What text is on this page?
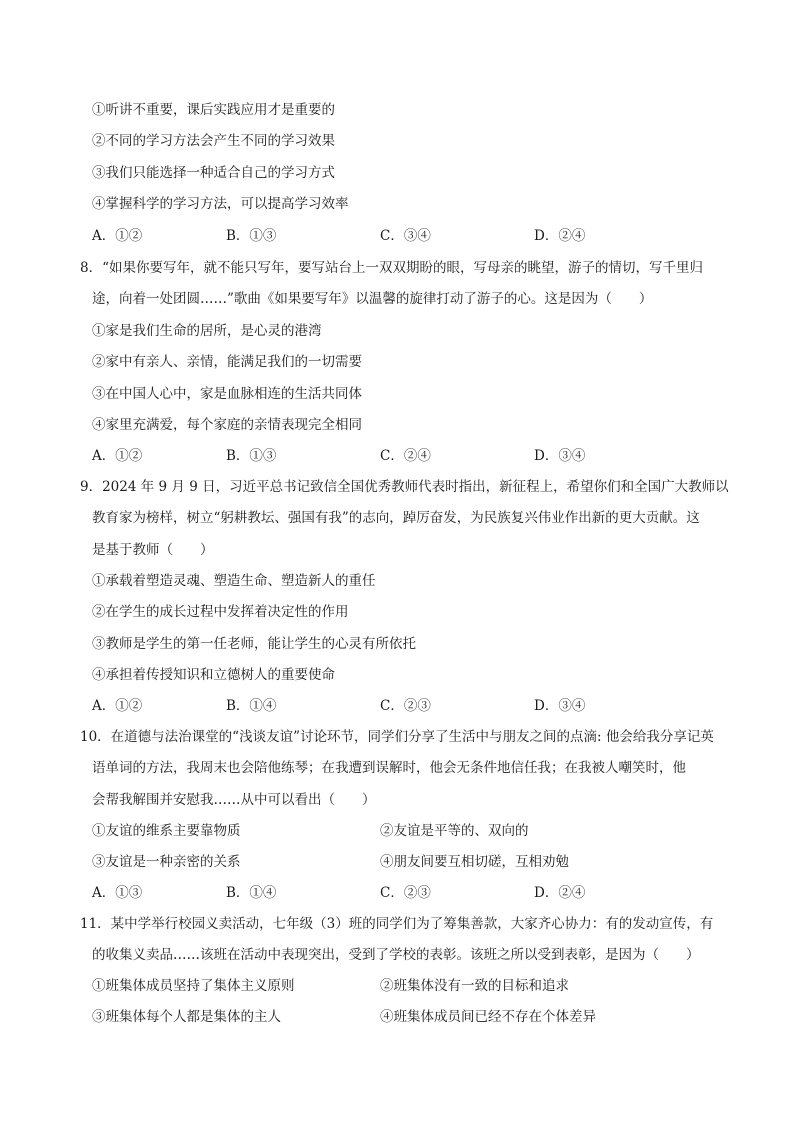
①听讲不重要，课后实践应用才是重要的
②不同的学习方法会产生不同的学习效果
③我们只能选择一种适合自己的学习方式
④掌握科学的学习方法，可以提高学习效率
A．①②	B．①③	C．③④	D．②④
8．“如果你要写年，就不能只写年，要写站台上一双双期盼的眼，写母亲的眺望，游子的情切，写千里归
途，向着一处团圆……”歌曲《如果要写年》以温馨的旋律打动了游子的心。这是因为（　　）
①家是我们生命的居所，是心灵的港湾
②家中有亲人、亲情，能满足我们的一切需要
③在中国人心中，家是血脉相连的生活共同体
④家里充满爱，每个家庭的亲情表现完全相同
A．①②	B．①③	C．②④	D．③④
9．2024 年 9 月 9 日，习近平总书记致信全国优秀教师代表时指出，新征程上，希望你们和全国广大教师以
教育家为榜样，树立“躬耕教坛、强国有我”的志向，踔厉奋发，为民族复兴伟业作出新的更大贡献。这
是基于教师（　　）
①承载着塑造灵魂、塑造生命、塑造新人的重任
②在学生的成长过程中发挥着决定性的作用
③教师是学生的第一任老师，能让学生的心灵有所依托
④承担着传授知识和立德树人的重要使命
A．①②	B．①④	C．②③	D．③④
10．在道德与法治课堂的“浅谈友谊”讨论环节，同学们分享了生活中与朋友之间的点滴: 他会给我分享记英
语单词的方法，我周末也会陪他练琴；在我遭到误解时，他会无条件地信任我；在我被人嘲笑时，他
会帮我解围并安慰我……从中可以看出（　　）
①友谊的维系主要靠物质	②友谊是平等的、双向的
③友谊是一种亲密的关系	④朋友间要互相切磋，互相劝勉
A．①③	B．①④	C．②③	D．②④
11．某中学举行校园义卖活动，七年级（3）班的同学们为了筹集善款，大家齐心协力：有的发动宣传，有
的收集义卖品……该班在活动中表现突出，受到了学校的表彰。该班之所以受到表彰，是因为（　　）
①班集体成员坚持了集体主义原则	②班集体没有一致的目标和追求
③班集体每个人都是集体的主人	④班集体成员间已经不存在个体差异
